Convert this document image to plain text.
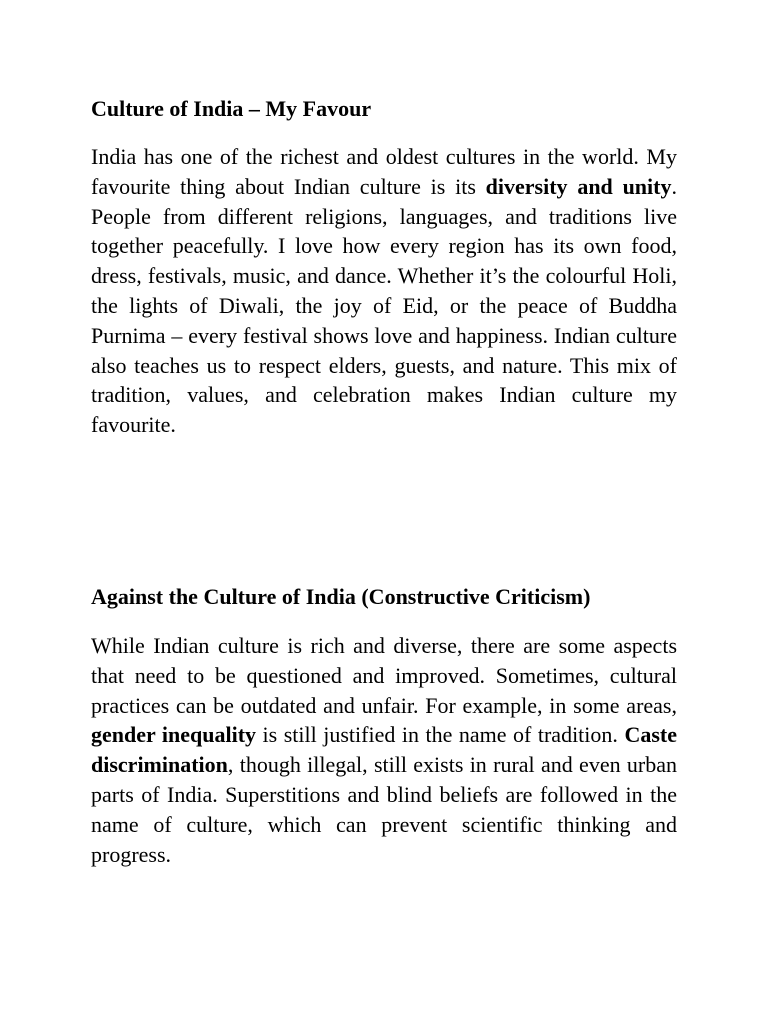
Culture of India – My Favour

India has one of the richest and oldest cultures in the world. My favourite thing about Indian culture is its diversity and unity. People from different religions, languages, and traditions live together peacefully. I love how every region has its own food, dress, festivals, music, and dance. Whether it’s the colourful Holi, the lights of Diwali, the joy of Eid, or the peace of Buddha Purnima – every festival shows love and happiness. Indian culture also teaches us to respect elders, guests, and nature. This mix of tradition, values, and celebration makes Indian culture my favourite.

Against the Culture of India (Constructive Criticism)

While Indian culture is rich and diverse, there are some aspects that need to be questioned and improved. Sometimes, cultural practices can be outdated and unfair. For example, in some areas, gender inequality is still justified in the name of tradition. Caste discrimination, though illegal, still exists in rural and even urban parts of India. Superstitions and blind beliefs are followed in the name of culture, which can prevent scientific thinking and progress.
